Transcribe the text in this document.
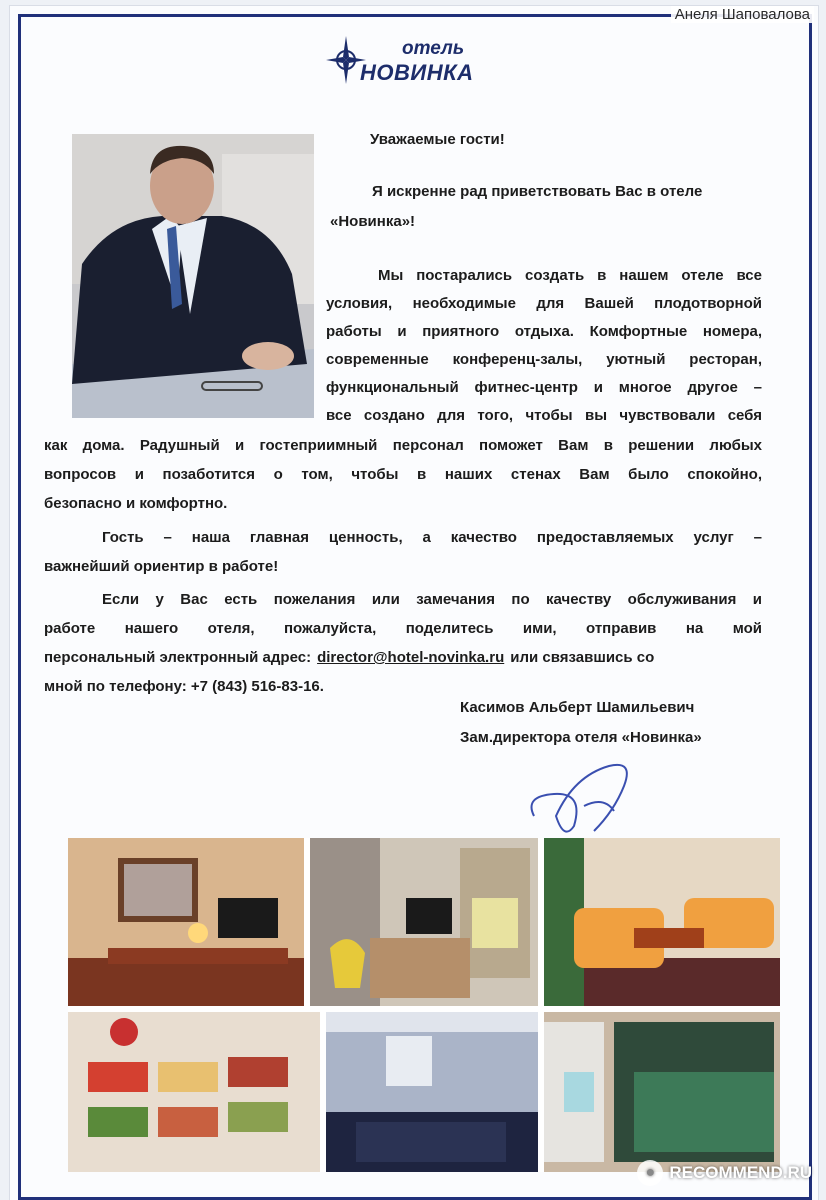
отель
НОВИНКА
Уважаемые гости!
Я искренне рад приветствовать Вас в отеле
«Новинка»!
Мы постарались создать в нашем отеле все
условия, необходимые для Вашей плодотворной
работы и приятного отдыха. Комфортные номера,
современные конференц-залы, уютный ресторан,
функциональный фитнес-центр и многое другое –
все создано для того, чтобы вы чувствовали себя
как дома. Радушный и гостеприимный персонал поможет Вам в решении любых
вопросов и позаботится о том, чтобы в наших стенах Вам было спокойно,
безопасно и комфортно.
Гость – наша главная ценность, а качество предоставляемых услуг –
важнейший ориентир в работе!
Если у Вас есть пожелания или замечания по качеству обслуживания и
работе нашего отеля, пожалуйста, поделитесь ими, отправив на мой
персональный электронный адрес: director@hotel-novinka.ru или связавшись со
мной по телефону: +7 (843) 516-83-16.
Касимов Альберт Шамильевич
Зам.директора отеля «Новинка»
Анеля Шаповалова
● RECOMMEND.RU
